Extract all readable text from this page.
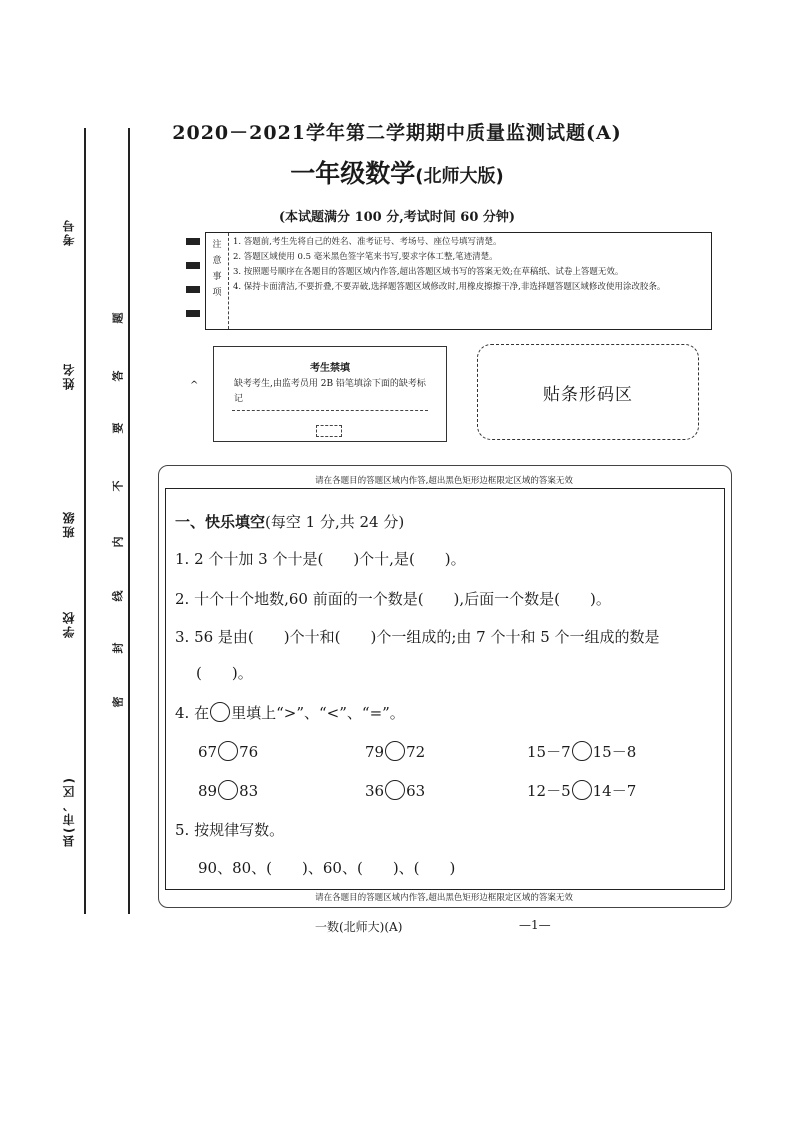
考号
姓名
班级
学校
县(市、区)
题
答
要
不
内
线
封
密
2020－2021学年第二学期期中质量监测试题(A)
一年级数学(北师大版)
(本试题满分 100 分,考试时间 60 分钟)
注意事项
1. 答题前,考生先将自己的姓名、准考证号、考场号、座位号填写清楚。
2. 答题区域使用 0.5 毫米黑色签字笔来书写,要求字体工整,笔迹清楚。
3. 按照题号顺序在各题目的答题区域内作答,超出答题区域书写的答案无效;在草稿纸、试卷上答题无效。
4. 保持卡面清洁,不要折叠,不要弄破,选择题答题区域修改时,用橡皮擦擦干净,非选择题答题区域修改使用涂改胶条。
考生禁填
缺考考生,由监考员用 2B 铅笔填涂下面的缺考标记
^	贴条形码区
请在各题目的答题区域内作答,超出黑色矩形边框限定区域的答案无效
一、快乐填空(每空 1 分,共 24 分)
1. 2 个十加 3 个十是(　　)个十,是(　　)。
2. 十个十个地数,60 前面的一个数是(　　),后面一个数是(　　)。
3. 56 是由(　　)个十和(　　)个一组成的;由 7 个十和 5 个一组成的数是
(　　)。
4. 在 里填上“>”、“<”、“=”。
67 76	79 72	15－7 15－8
89 83	36 63	12－5 14－7
5. 按规律写数。
90、80、(　　)、60、(　　)、(　　)
请在各题目的答题区域内作答,超出黑色矩形边框限定区域的答案无效
一数(北师大)(A)	—1—
